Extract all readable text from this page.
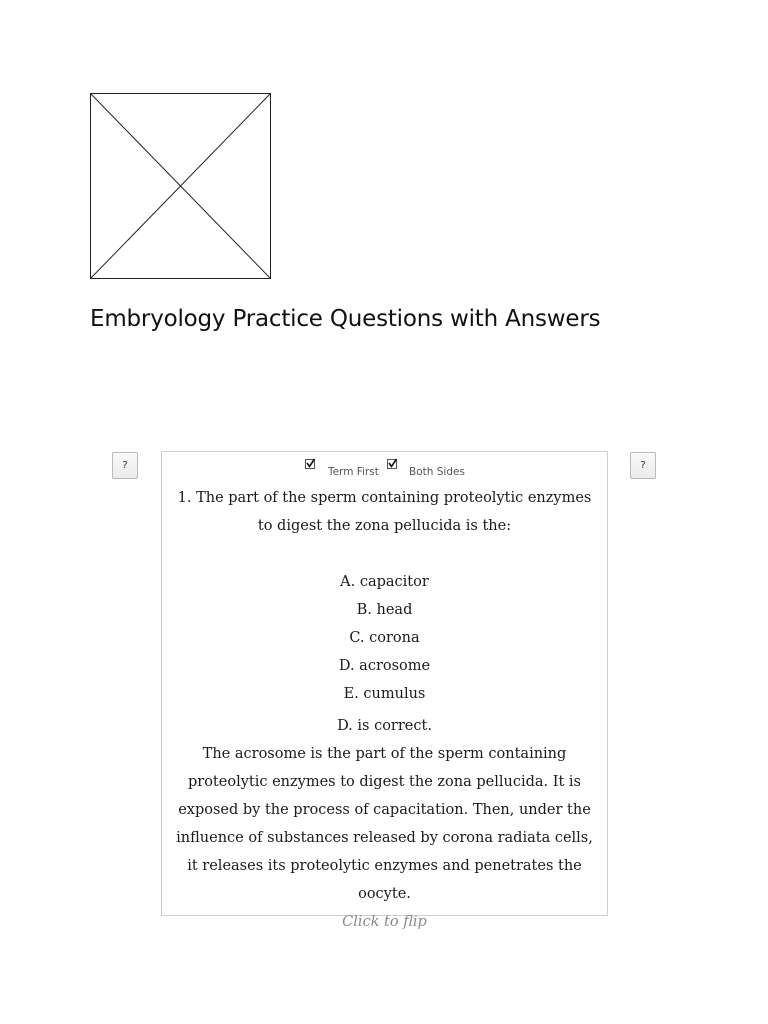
Embryology Practice Questions with Answers
?	?
Term First	Both Sides
1. The part of the sperm containing proteolytic enzymes to digest the zona pellucida is the:
A. capacitor
B. head
C. corona
D. acrosome
E. cumulus
D. is correct.
The acrosome is the part of the sperm containing proteolytic enzymes to digest the zona pellucida. It is exposed by the process of capacitation. Then, under the influence of substances released by corona radiata cells, it releases its proteolytic enzymes and penetrates the oocyte.
Click to flip
